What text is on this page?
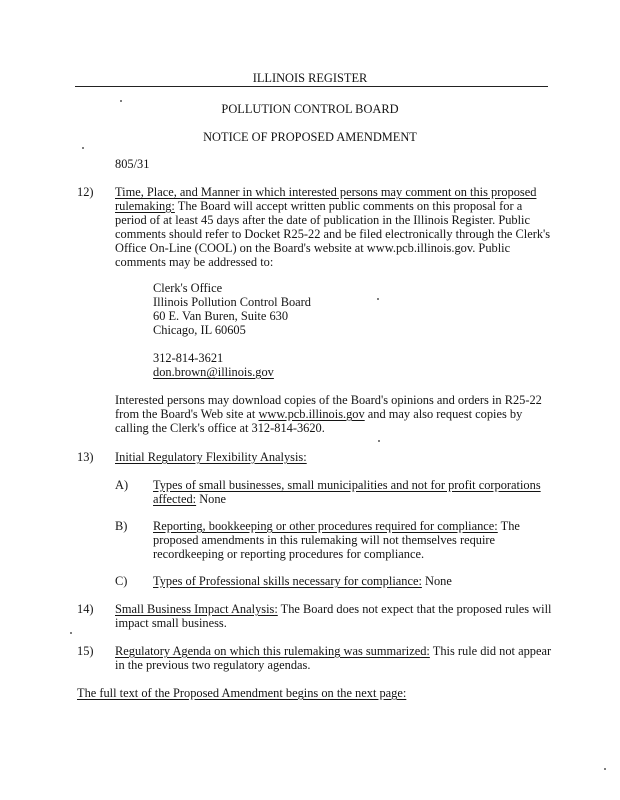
ILLINOIS REGISTER
POLLUTION CONTROL BOARD
NOTICE OF PROPOSED AMENDMENT
805/31
12) Time, Place, and Manner in which interested persons may comment on this proposed
rulemaking: The Board will accept written public comments on this proposal for a
period of at least 45 days after the date of publication in the Illinois Register. Public
comments should refer to Docket R25-22 and be filed electronically through the Clerk's
Office On-Line (COOL) on the Board's website at www.pcb.illinois.gov. Public
comments may be addressed to:
Clerk's Office
Illinois Pollution Control Board
60 E. Van Buren, Suite 630
Chicago, IL 60605
312-814-3621
don.brown@illinois.gov
Interested persons may download copies of the Board's opinions and orders in R25-22
from the Board's Web site at www.pcb.illinois.gov and may also request copies by
calling the Clerk's office at 312-814-3620.
13) Initial Regulatory Flexibility Analysis:
A) Types of small businesses, small municipalities and not for profit corporations
affected: None
B) Reporting, bookkeeping or other procedures required for compliance: The
proposed amendments in this rulemaking will not themselves require
recordkeeping or reporting procedures for compliance.
C) Types of Professional skills necessary for compliance: None
14) Small Business Impact Analysis: The Board does not expect that the proposed rules will
impact small business.
15) Regulatory Agenda on which this rulemaking was summarized: This rule did not appear
in the previous two regulatory agendas.
The full text of the Proposed Amendment begins on the next page:
